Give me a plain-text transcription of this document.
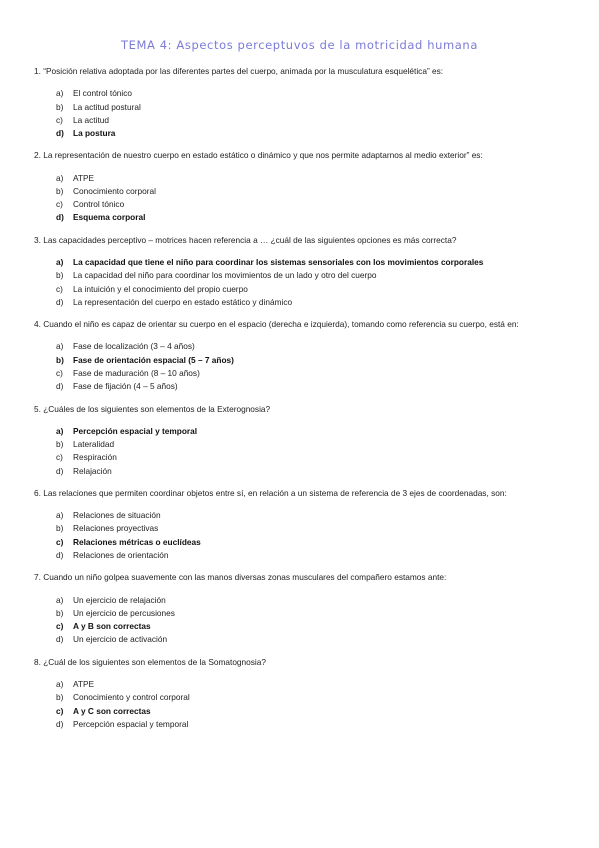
TEMA 4: Aspectos perceptuvos de la motricidad humana

1. “Posición relativa adoptada por las diferentes partes del cuerpo, animada por la musculatura esquelética” es:

a)	El control tónico
b)	La actitud postural
c)	La actitud
d)	La postura

2. La representación de nuestro cuerpo en estado estático o dinámico y que nos permite adaptarnos al medio exterior” es:

a)	ATPE
b)	Conocimiento corporal
c)	Control tónico
d)	Esquema corporal

3. Las capacidades perceptivo – motrices hacen referencia a … ¿cuál de las siguientes opciones es más correcta?

a)	La capacidad que tiene el niño para coordinar los sistemas sensoriales con los movimientos corporales
b)	La capacidad del niño para coordinar los movimientos de un lado y otro del cuerpo
c)	La intuición y el conocimiento del propio cuerpo
d)	La representación del cuerpo en estado estático y dinámico

4. Cuando el niño es capaz de orientar su cuerpo en el espacio (derecha e izquierda), tomando como referencia su cuerpo, está en:

a)	Fase de localización (3 – 4 años)
b)	Fase de orientación espacial (5 – 7 años)
c)	Fase de maduración (8 – 10 años)
d)	Fase de fijación (4 – 5 años)

5. ¿Cuáles de los siguientes son elementos de la Exterognosia?

a)	Percepción espacial y temporal
b)	Lateralidad
c)	Respiración
d)	Relajación

6. Las relaciones que permiten coordinar objetos entre sí, en relación a un sistema de referencia de 3 ejes de coordenadas, son:

a)	Relaciones de situación
b)	Relaciones proyectivas
c)	Relaciones métricas o euclídeas
d)	Relaciones de orientación

7. Cuando un niño golpea suavemente con las manos diversas zonas musculares del compañero estamos ante:

a)	Un ejercicio de relajación
b)	Un ejercicio de percusiones
c)	A y B son correctas
d)	Un ejercicio de activación

8. ¿Cuál de los siguientes son elementos de la Somatognosia?

a)	ATPE
b)	Conocimiento y control corporal
c)	A y C son correctas
d)	Percepción espacial y temporal
